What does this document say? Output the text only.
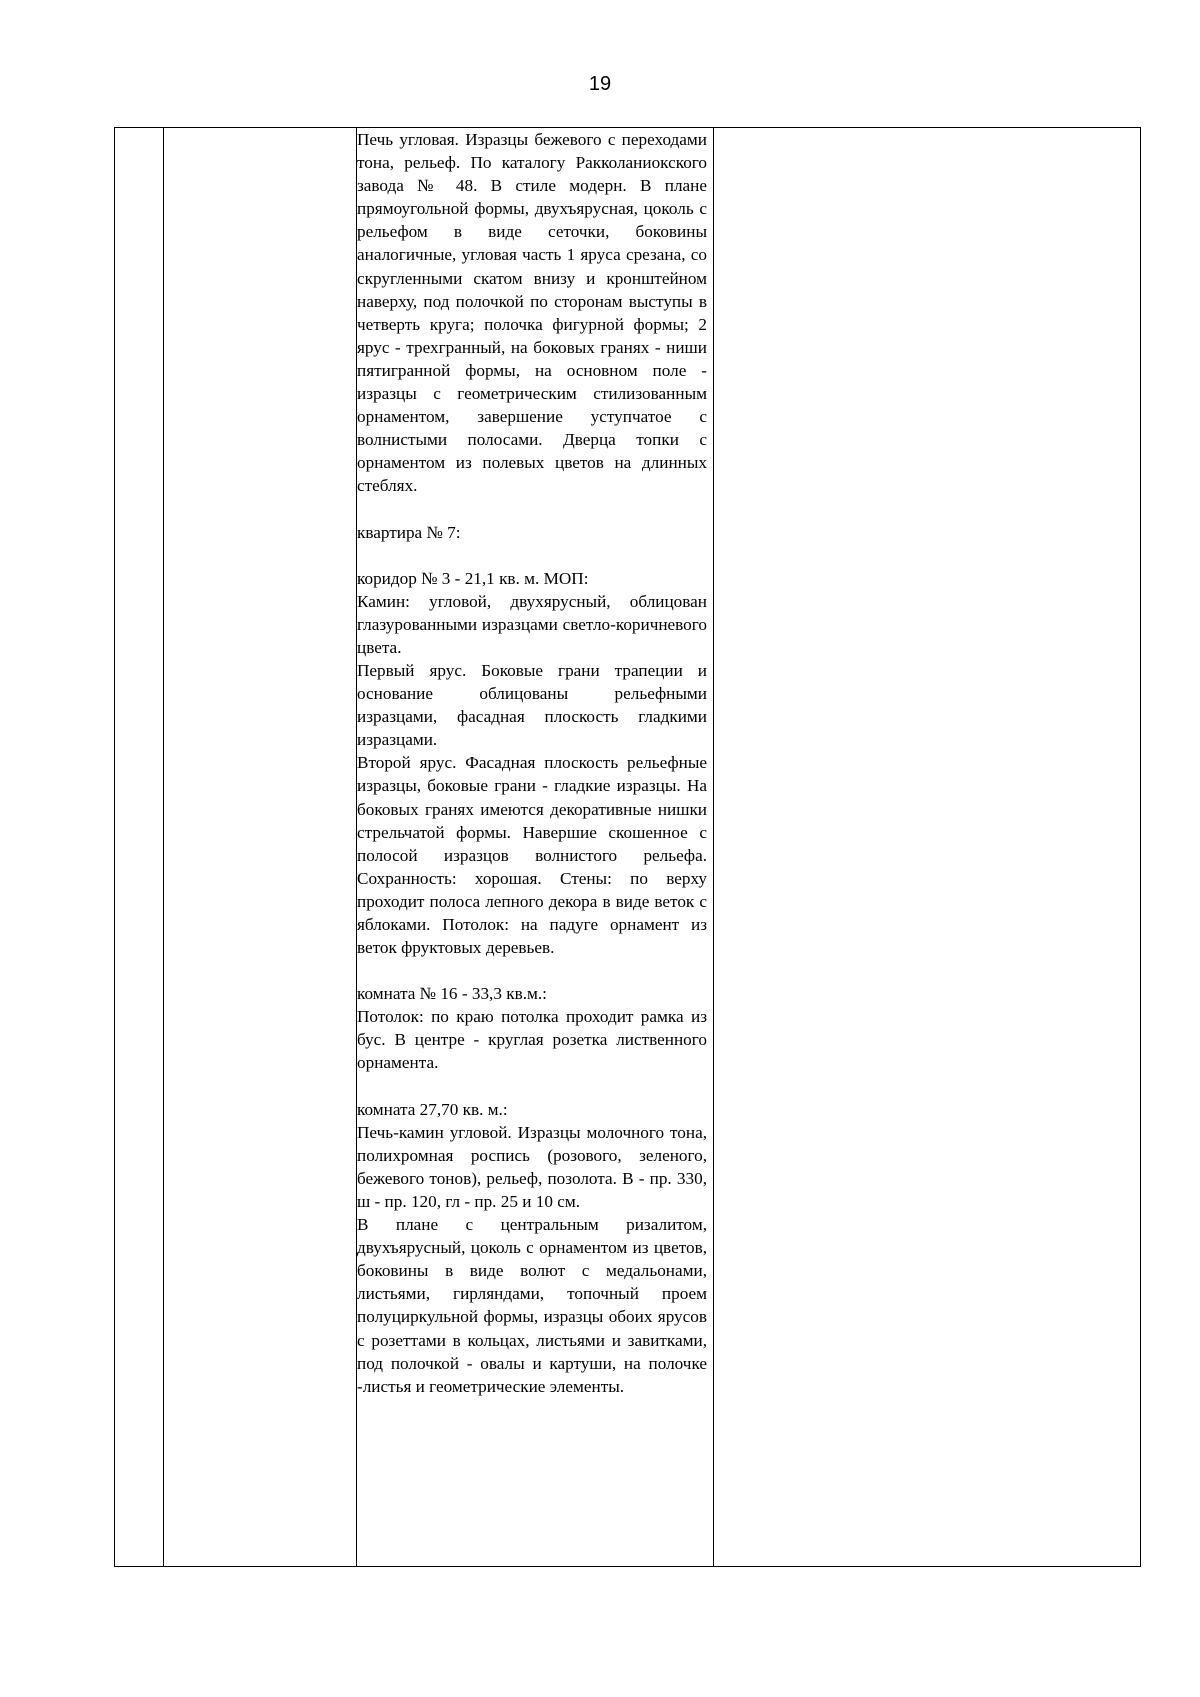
19

Печь угловая. Изразцы бежевого с переходами тона, рельеф. По каталогу Ракколаниокского завода № 48. В стиле модерн. В плане прямоугольной формы, двухъярусная, цоколь с рельефом в виде сеточки, боковины аналогичные, угловая часть 1 яруса срезана, со скругленными скатом внизу и кронштейном наверху, под полочкой по сторонам выступы в четверть круга; полочка фигурной формы; 2 ярус - трехгранный, на боковых гранях - ниши пятигранной формы, на основном поле - изразцы с геометрическим стилизованным орнаментом, завершение уступчатое с волнистыми полосами. Дверца топки с орнаментом из полевых цветов на длинных стеблях.

квартира № 7:

коридор № 3 - 21,1 кв. м. МОП:

Камин: угловой, двухярусный, облицован глазурованными изразцами светло-коричневого цвета.

Первый ярус. Боковые грани трапеции и основание облицованы рельефными изразцами, фасадная плоскость гладкими изразцами.

Второй ярус. Фасадная плоскость рельефные изразцы, боковые грани - гладкие изразцы. На боковых гранях имеются декоративные нишки стрельчатой формы. Навершие скошенное с полосой изразцов волнистого рельефа. Сохранность: хорошая. Стены: по верху проходит полоса лепного декора в виде веток с яблоками. Потолок: на падуге орнамент из веток фруктовых деревьев.

комната № 16 - 33,3 кв.м.:

Потолок: по краю потолка проходит рамка из бус. В центре - круглая розетка лиственного орнамента.

комната 27,70 кв. м.:

Печь-камин угловой. Изразцы молочного тона, полихромная роспись (розового, зеленого, бежевого тонов), рельеф, позолота. В - пр. 330, ш - пр. 120, гл - пр. 25 и 10 см.

В плане с центральным ризалитом, двухъярусный, цоколь с орнаментом из цветов, боковины в виде волют с медальонами, листьями, гирляндами, топочный проем полуциркульной формы, изразцы обоих ярусов с розеттами в кольцах, листьями и завитками, под полочкой - овалы и картуши, на полочке -листья и геометрические элементы.
